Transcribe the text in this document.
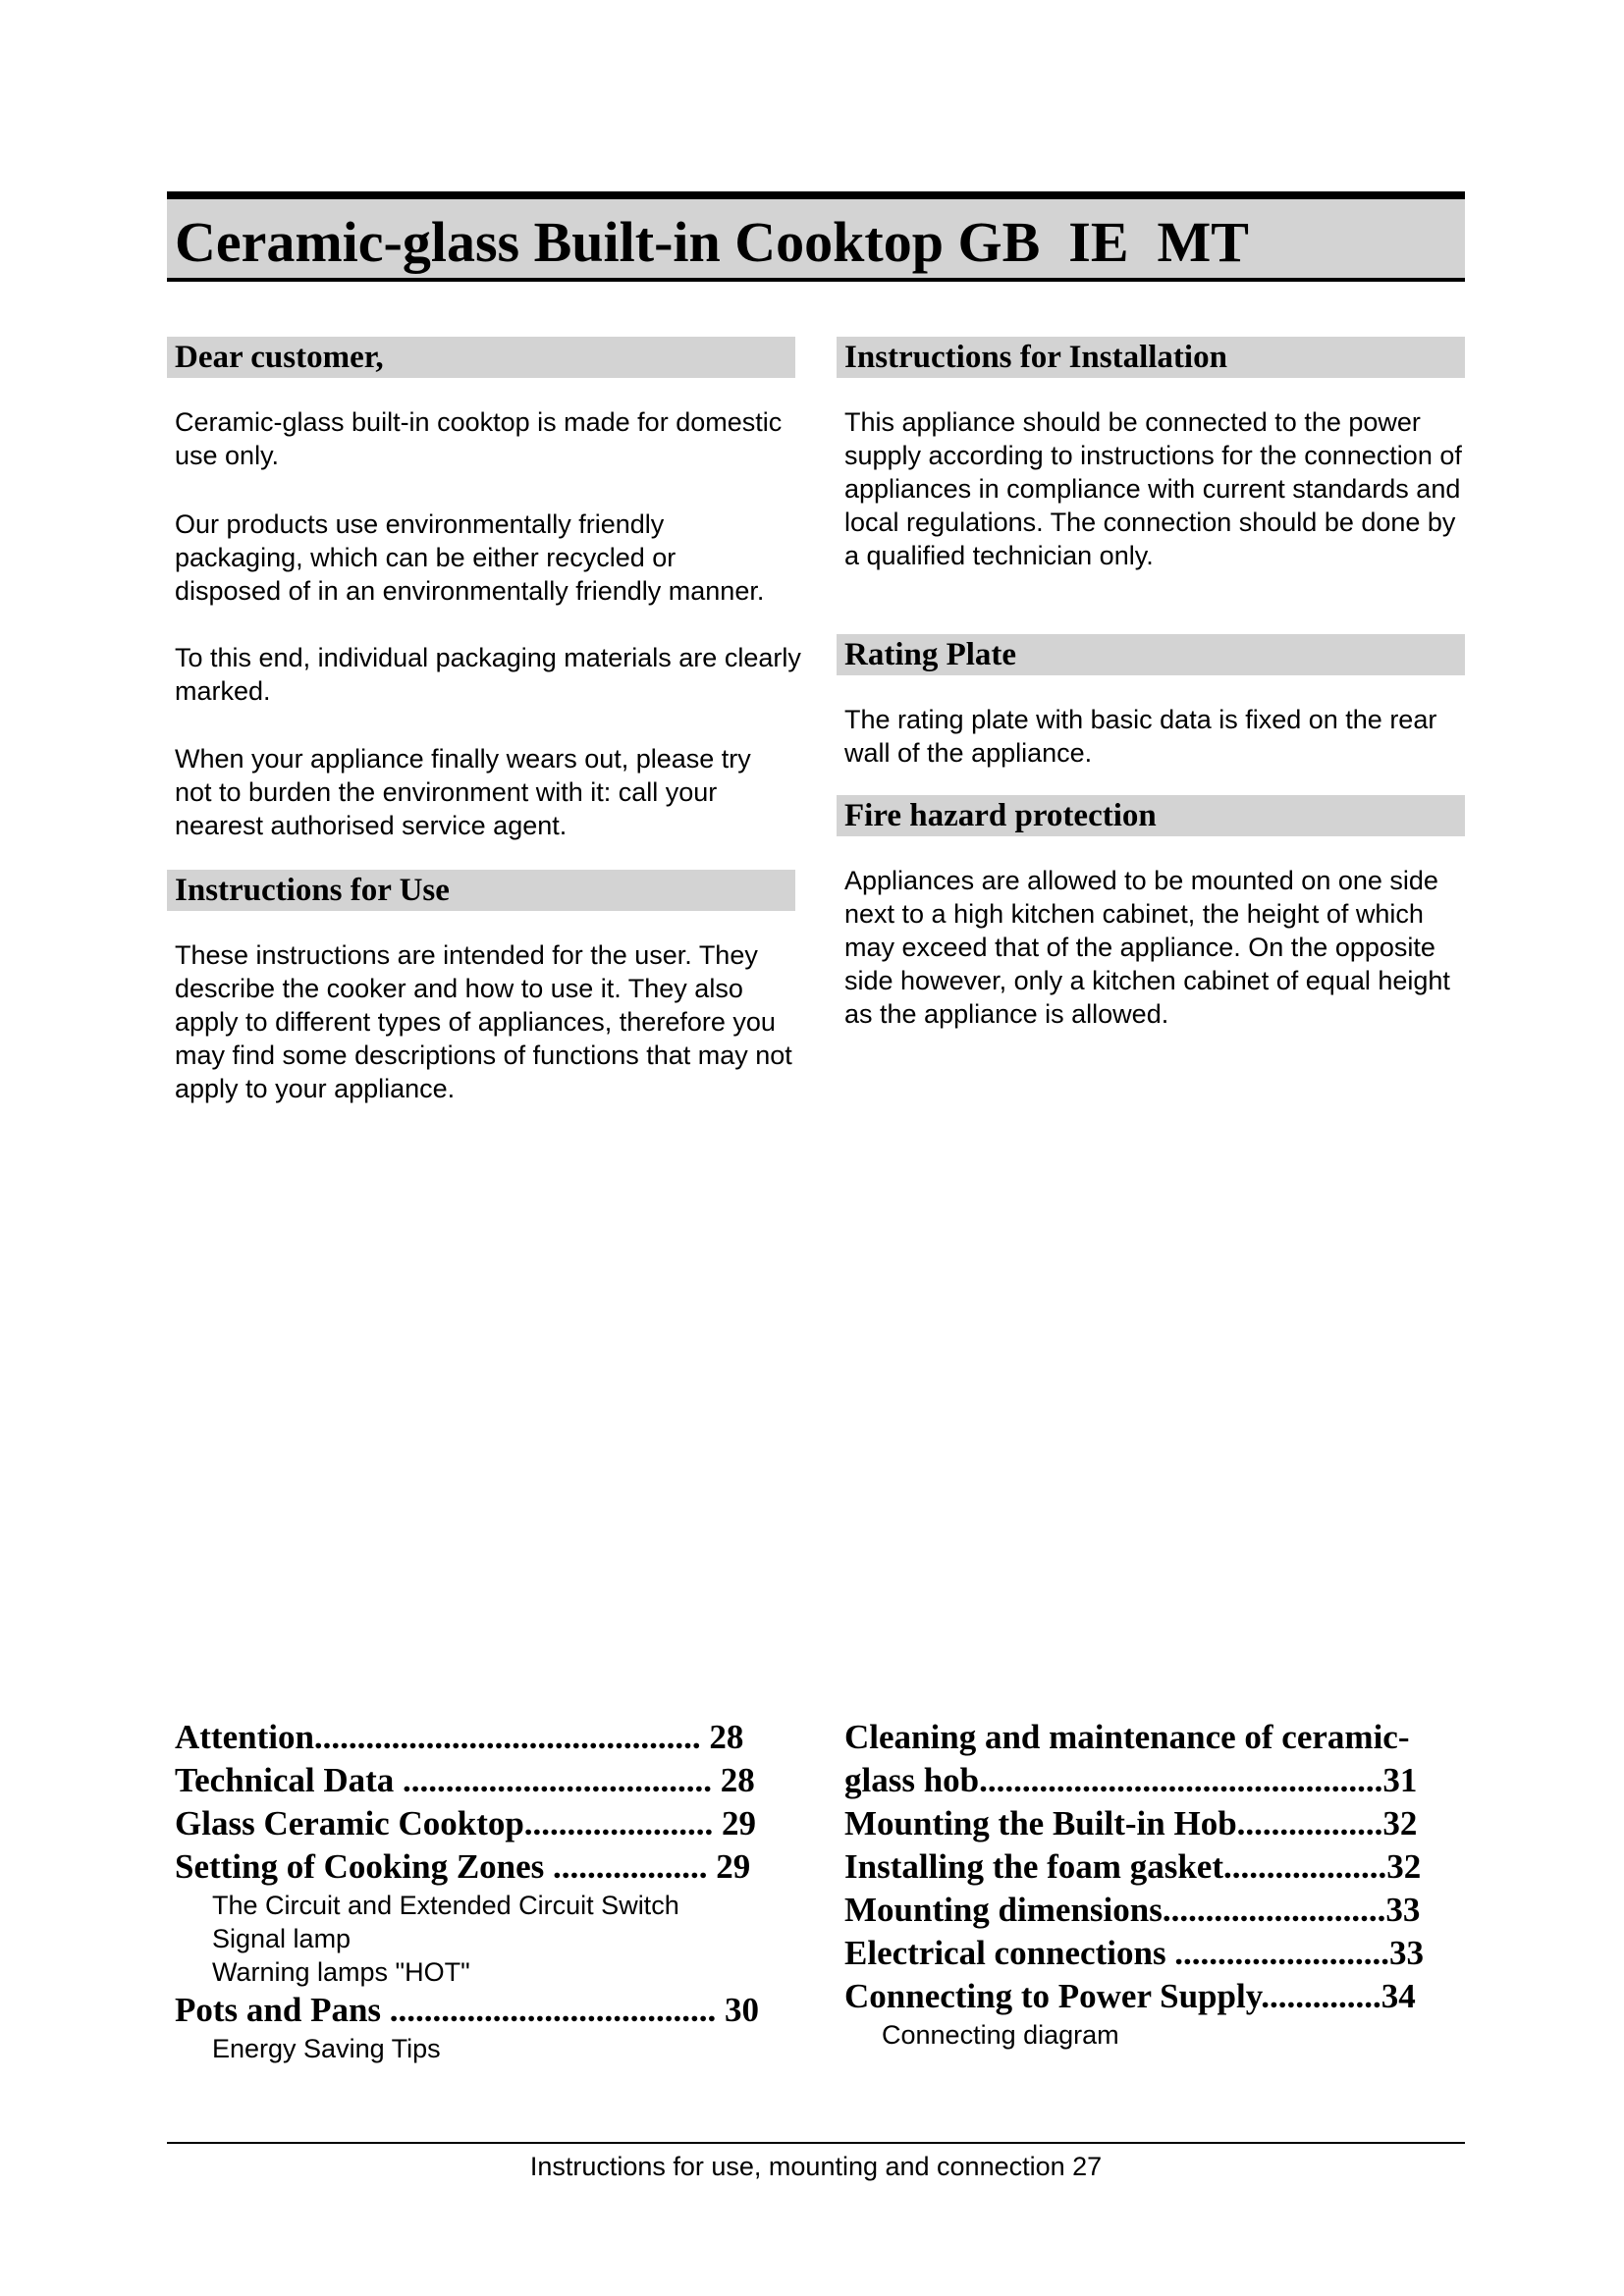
Ceramic-glass Built-in Cooktop GB  IE  MT
Dear customer,

Ceramic-glass built-in cooktop is made for domestic use only.

Our products use environmentally friendly packaging, which can be either recycled or disposed of in an environmentally friendly manner.

To this end, individual packaging materials are clearly marked.

When your appliance finally wears out, please try not to burden the environment with it: call your nearest authorised service agent.

Instructions for Use

These instructions are intended for the user. They describe the cooker and how to use it. They also apply to different types of appliances, therefore you may find some descriptions of functions that may not apply to your appliance.

Instructions for Installation

This appliance should be connected to the power supply according to instructions for the connection of appliances in compliance with current standards and local regulations. The connection should be done by a qualified technician only.

Rating Plate

The rating plate with basic data is fixed on the rear wall of the appliance.

Fire hazard protection

Appliances are allowed to be mounted on one side next to a high kitchen cabinet, the height of which may exceed that of the appliance. On the opposite side however, only a kitchen cabinet of equal height as the appliance is allowed.

Attention............................................. 28
Technical Data .................................... 28
Glass Ceramic Cooktop...................... 29
Setting of Cooking Zones .................. 29
The Circuit and Extended Circuit Switch
Signal lamp
Warning lamps "HOT"
Pots and Pans ...................................... 30
Energy Saving Tips
Cleaning and maintenance of ceramic-
glass hob...............................................31
Mounting the Built-in Hob.................32
Installing the foam gasket...................32
Mounting dimensions..........................33
Electrical connections .........................33
Connecting to Power Supply..............34
Connecting diagram

Instructions for use, mounting and connection 27
